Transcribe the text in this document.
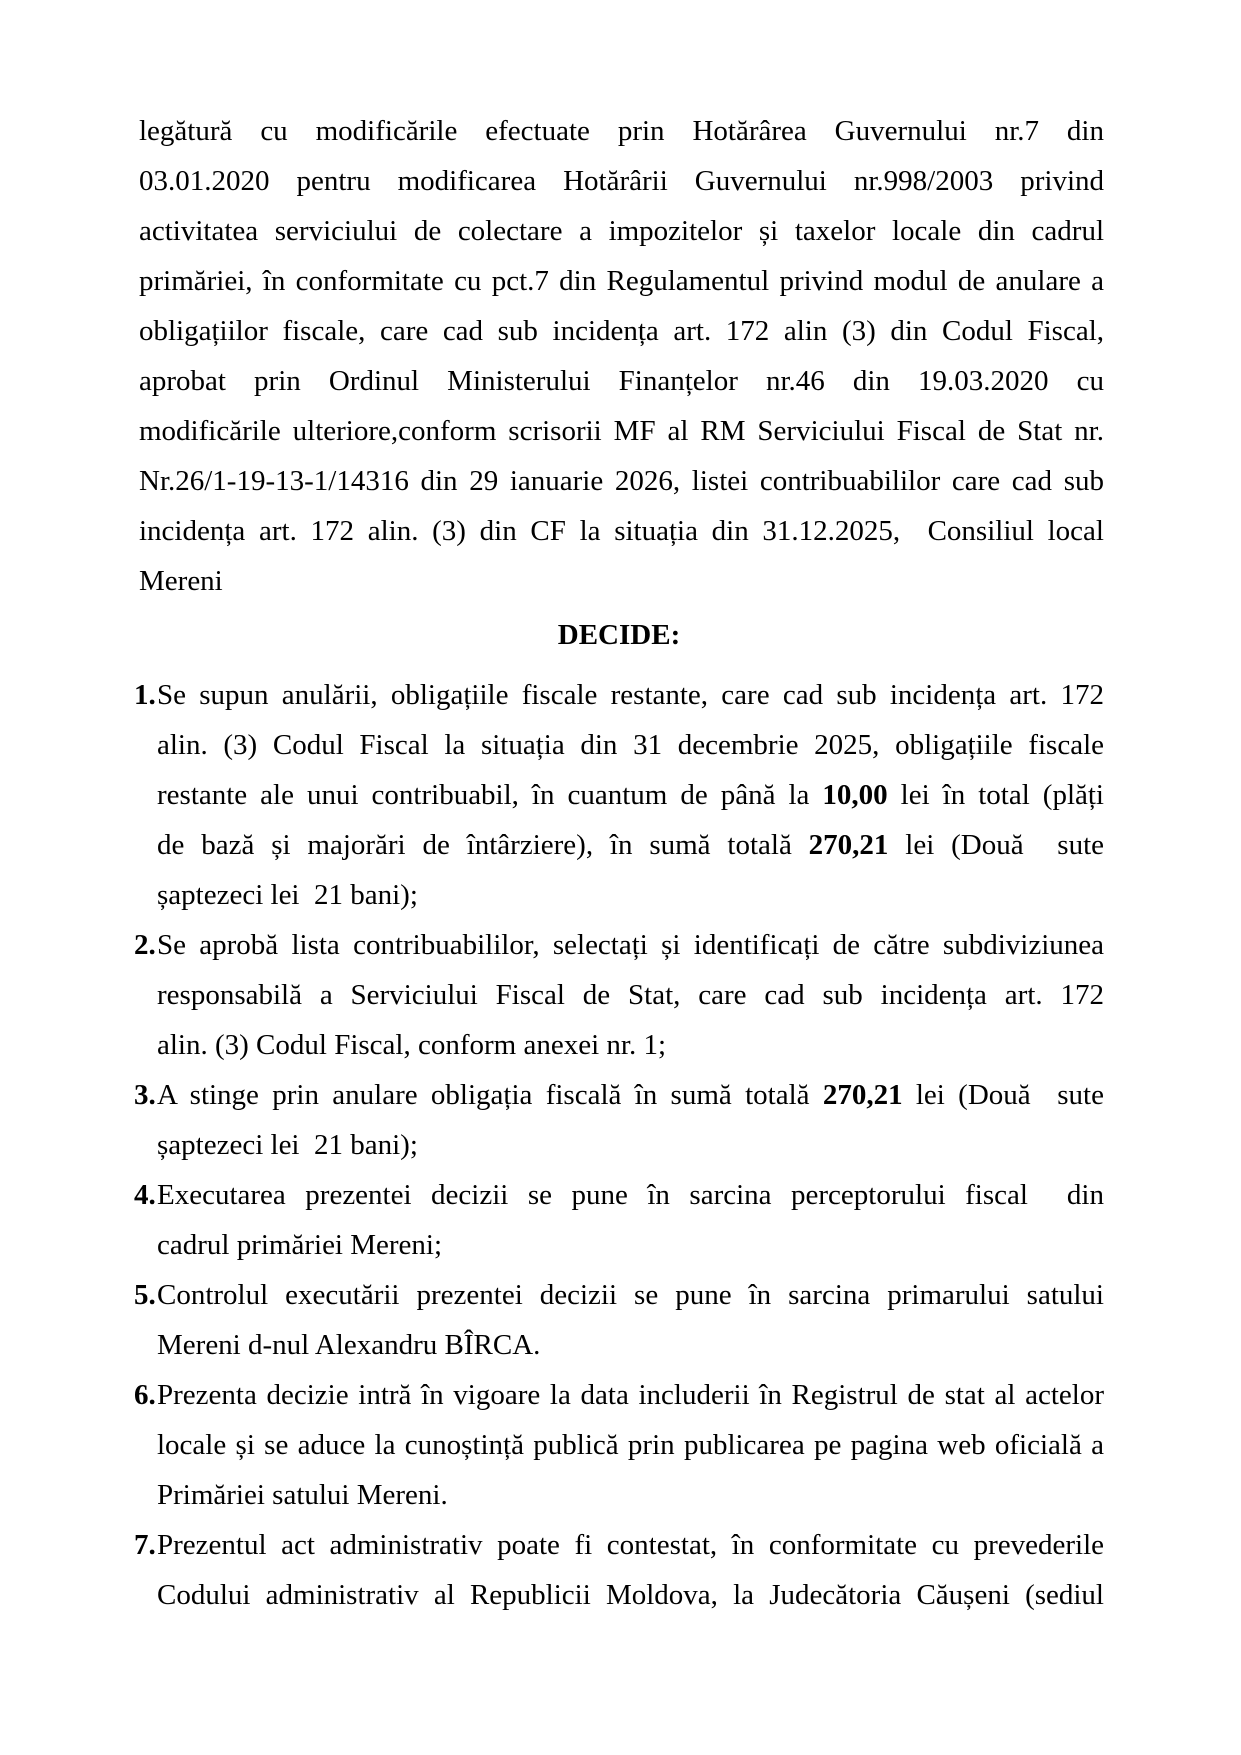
legătură cu modificările efectuate prin Hotărârea Guvernului nr.7 din
03.01.2020 pentru modificarea Hotărârii Guvernului nr.998/2003 privind
activitatea serviciului de colectare a impozitelor și taxelor locale din cadrul
primăriei, în conformitate cu pct.7 din Regulamentul privind modul de anulare a
obligațiilor fiscale, care cad sub incidența art. 172 alin (3) din Codul Fiscal,
aprobat prin Ordinul Ministerului Finanțelor nr.46 din 19.03.2020 cu
modificările ulteriore,conform scrisorii MF al RM Serviciului Fiscal de Stat nr.
Nr.26/1-19-13-1/14316 din 29 ianuarie 2026, listei contribuabililor care cad sub
incidența art. 172 alin. (3) din CF la situația din 31.12.2025,  Consiliul local
Mereni
DECIDE:
1. Se supun anulării, obligațiile fiscale restante, care cad sub incidența art. 172
alin. (3) Codul Fiscal la situația din 31 decembrie 2025, obligațiile fiscale
restante ale unui contribuabil, în cuantum de până la 10,00 lei în total (plăți
de bază și majorări de întârziere), în sumă totală 270,21 lei (Două  sute
șaptezeci lei  21 bani);
2. Se aprobă lista contribuabililor, selectați și identificați de către subdiviziunea
responsabilă a Serviciului Fiscal de Stat, care cad sub incidența art. 172
alin. (3) Codul Fiscal, conform anexei nr. 1;
3. A stinge prin anulare obligația fiscală în sumă totală 270,21 lei (Două  sute
șaptezeci lei  21 bani);
4. Executarea prezentei decizii se pune în sarcina perceptorului fiscal  din
cadrul primăriei Mereni;
5. Controlul executării prezentei decizii se pune în sarcina primarului satului
Mereni d-nul Alexandru BÎRCA.
6. Prezenta decizie intră în vigoare la data includerii în Registrul de stat al actelor
locale și se aduce la cunoștință publică prin publicarea pe pagina web oficială a
Primăriei satului Mereni.
7. Prezentul act administrativ poate fi contestat, în conformitate cu prevederile
Codului administrativ al Republicii Moldova, la Judecătoria Căușeni (sediul
